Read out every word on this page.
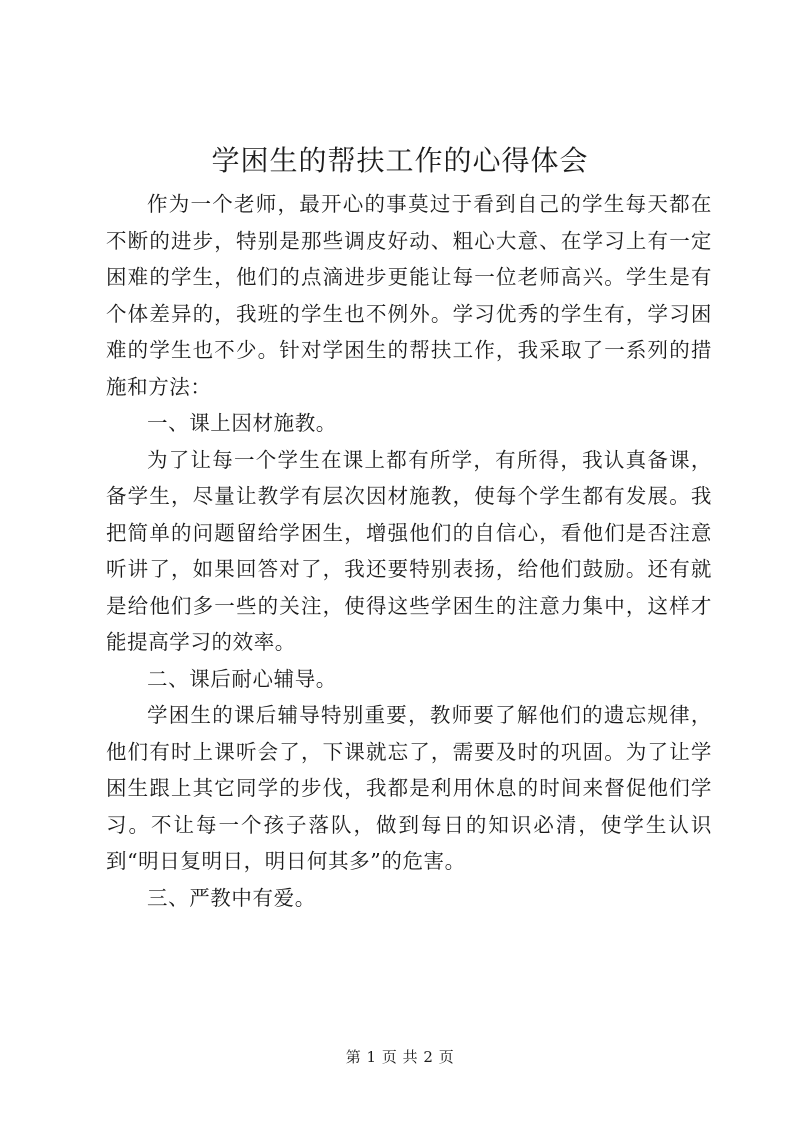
学困生的帮扶工作的心得体会

作为一个老师，最开心的事莫过于看到自己的学生每天都在不断的进步，特别是那些调皮好动、粗心大意、在学习上有一定困难的学生，他们的点滴进步更能让每一位老师高兴。学生是有个体差异的，我班的学生也不例外。学习优秀的学生有，学习困难的学生也不少。针对学困生的帮扶工作，我采取了一系列的措施和方法：

一、课上因材施教。

为了让每一个学生在课上都有所学，有所得，我认真备课，备学生，尽量让教学有层次因材施教，使每个学生都有发展。我把简单的问题留给学困生，增强他们的自信心，看他们是否注意听讲了，如果回答对了，我还要特别表扬，给他们鼓励。还有就是给他们多一些的关注，使得这些学困生的注意力集中，这样才能提高学习的效率。

二、课后耐心辅导。

学困生的课后辅导特别重要，教师要了解他们的遗忘规律，他们有时上课听会了，下课就忘了，需要及时的巩固。为了让学困生跟上其它同学的步伐，我都是利用休息的时间来督促他们学习。不让每一个孩子落队，做到每日的知识必清，使学生认识到“明日复明日，明日何其多”的危害。

三、严教中有爱。

第 1 页 共 2 页
